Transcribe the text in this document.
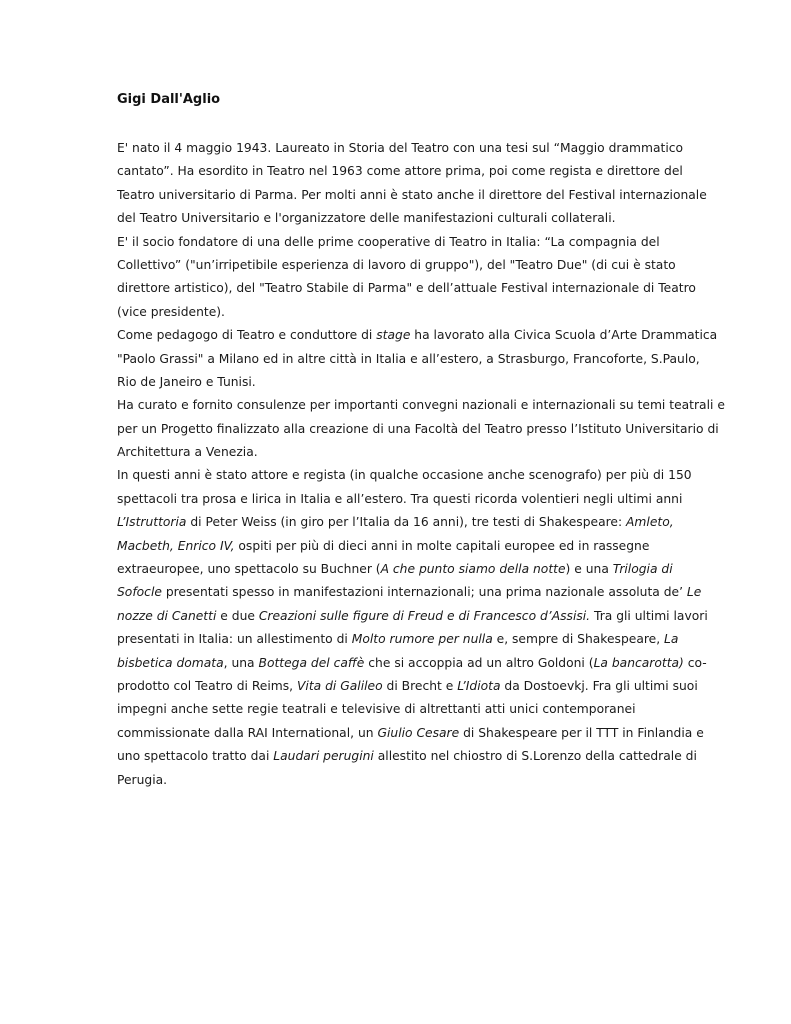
Gigi Dall'Aglio
E' nato il 4 maggio 1943. Laureato in Storia del Teatro con una tesi sul “Maggio drammatico
cantato”. Ha esordito in Teatro nel 1963 come attore prima, poi come regista e direttore del
Teatro universitario di Parma. Per molti anni è stato anche il direttore del Festival internazionale
del Teatro Universitario e l'organizzatore delle manifestazioni culturali collaterali.
E' il socio fondatore di una delle prime cooperative di Teatro in Italia: “La compagnia del
Collettivo” ("un’irripetibile esperienza di lavoro di gruppo"), del "Teatro Due" (di cui è stato
direttore artistico), del "Teatro Stabile di Parma" e dell’attuale Festival internazionale di Teatro
(vice presidente).
Come pedagogo di Teatro e conduttore di stage ha lavorato alla Civica Scuola d’Arte Drammatica
"Paolo Grassi" a Milano ed in altre città in Italia e all’estero, a Strasburgo, Francoforte, S.Paulo,
Rio de Janeiro e Tunisi.
Ha curato e fornito consulenze per importanti convegni nazionali e internazionali su temi teatrali e
per un Progetto finalizzato alla creazione di una Facoltà del Teatro presso l’Istituto Universitario di
Architettura a Venezia.
In questi anni è stato attore e regista (in qualche occasione anche scenografo) per più di 150
spettacoli tra prosa e lirica in Italia e all’estero. Tra questi ricorda volentieri negli ultimi anni
L’Istruttoria di Peter Weiss (in giro per l’Italia da 16 anni), tre testi di Shakespeare: Amleto,
Macbeth, Enrico IV, ospiti per più di dieci anni in molte capitali europee ed in rassegne
extraeuropee, uno spettacolo su Buchner (A che punto siamo della notte) e una Trilogia di
Sofocle presentati spesso in manifestazioni internazionali; una prima nazionale assoluta de’ Le
nozze di Canetti e due Creazioni sulle figure di Freud e di Francesco d’Assisi. Tra gli ultimi lavori
presentati in Italia: un allestimento di Molto rumore per nulla e, sempre di Shakespeare, La
bisbetica domata, una Bottega del caffè che si accoppia ad un altro Goldoni (La bancarotta) co-
prodotto col Teatro di Reims, Vita di Galileo di Brecht e L’Idiota da Dostoevkj. Fra gli ultimi suoi
impegni anche sette regie teatrali e televisive di altrettanti atti unici contemporanei
commissionate dalla RAI International, un Giulio Cesare di Shakespeare per il TTT in Finlandia e
uno spettacolo tratto dai Laudari perugini allestito nel chiostro di S.Lorenzo della cattedrale di
Perugia.
